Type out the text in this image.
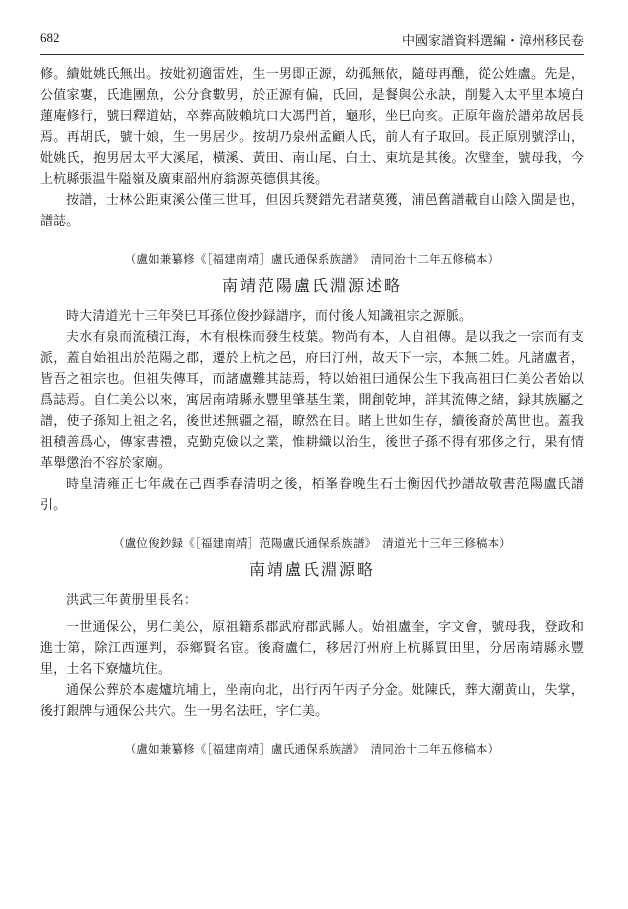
682	中國家譜資料選編・漳州移民卷

修。續妣姚氏無出。按妣初適雷姓，生一男即正源，幼孤無依，隨母再醮，從公姓盧。先是，公值家寠，氏進團魚，公分食數男，於正源有偏，氏回，是餐與公永訣，削髮入太平里本境白蓮庵修行，號曰釋道姑，卒葬高陂賴坑口大馮門首，龜形，坐巳向亥。正原年齒於譜弟故居長焉。再胡氏，號十娘，生一男居少。按胡乃泉州孟顧人氏，前人有子取回。長正原別號浮山，妣姚氏，抱男居太平大溪尾，橫溪、黃田、南山尾、白土、東坑是其後。次璧奎，號母我，今上杭縣張温牛隘嶺及廣東韶州府翁源英德俱其後。

按譜，士林公距東溪公僅三世耳，但因兵燹錯先君諸莫獲，浦邑舊譜載自山陰入閩是也，譜誌。

（盧如兼纂修《［福建南靖］盧氏通保系族譜》　清同治十二年五修稿本）
南靖范陽盧氏淵源述略

時大清道光十三年癸巳耳孫位俊抄録譜序，而付後人知識祖宗之源脈。

夫水有泉而流積江海，木有根株而發生枝葉。物尚有本，人自祖傳。是以我之一宗而有支派，蓋自始祖出於范陽之郡，遷於上杭之邑，府曰汀州，故天下一宗，本無二姓。凡諸盧者，皆吾之祖宗也。但祖失傳耳，而諸盧難其誌焉，特以始祖曰通保公生下我高祖曰仁美公者始以爲誌焉。自仁美公以來，寓居南靖縣永豐里肇基生業，開創乾坤，詳其流傳之緒，録其族屬之譜，使子孫知上祖之名，後世述無疆之福，瞭然在目。睹上世如生存，續後裔於萬世也。蓋我祖積善爲心，傳家書禮，克勤克儉以之業，惟耕織以治生，後世子孫不得有邪侈之行，果有情革舉懲治不容於家廟。

時皇清雍正七年歲在己酉季春清明之後，栢峯眷晚生石士衡因代抄譜故敬書范陽盧氏譜引。

（盧位俊鈔録《［福建南靖］范陽盧氏通保系族譜》　清道光十三年三修稿本）
南靖盧氏淵源略

洪武三年黄册里長名：

一世通保公，男仁美公，原祖籍系郡武府郡武縣人。始祖盧奎，字文會，號母我，登政和進士第，除江西運判，忝鄉賢名宦。後裔盧仁，移居汀州府上杭縣買田里，分居南靖縣永豐里，土名下寮爐坑住。

通保公葬於本處爐坑埔上，坐南向北，出行丙午丙子分金。妣陳氏，葬大潮黄山，失掌，後打銀牌与通保公共穴。生一男名法旺，字仁美。

（盧如兼纂修《［福建南靖］盧氏通保系族譜》　清同治十二年五修稿本）
